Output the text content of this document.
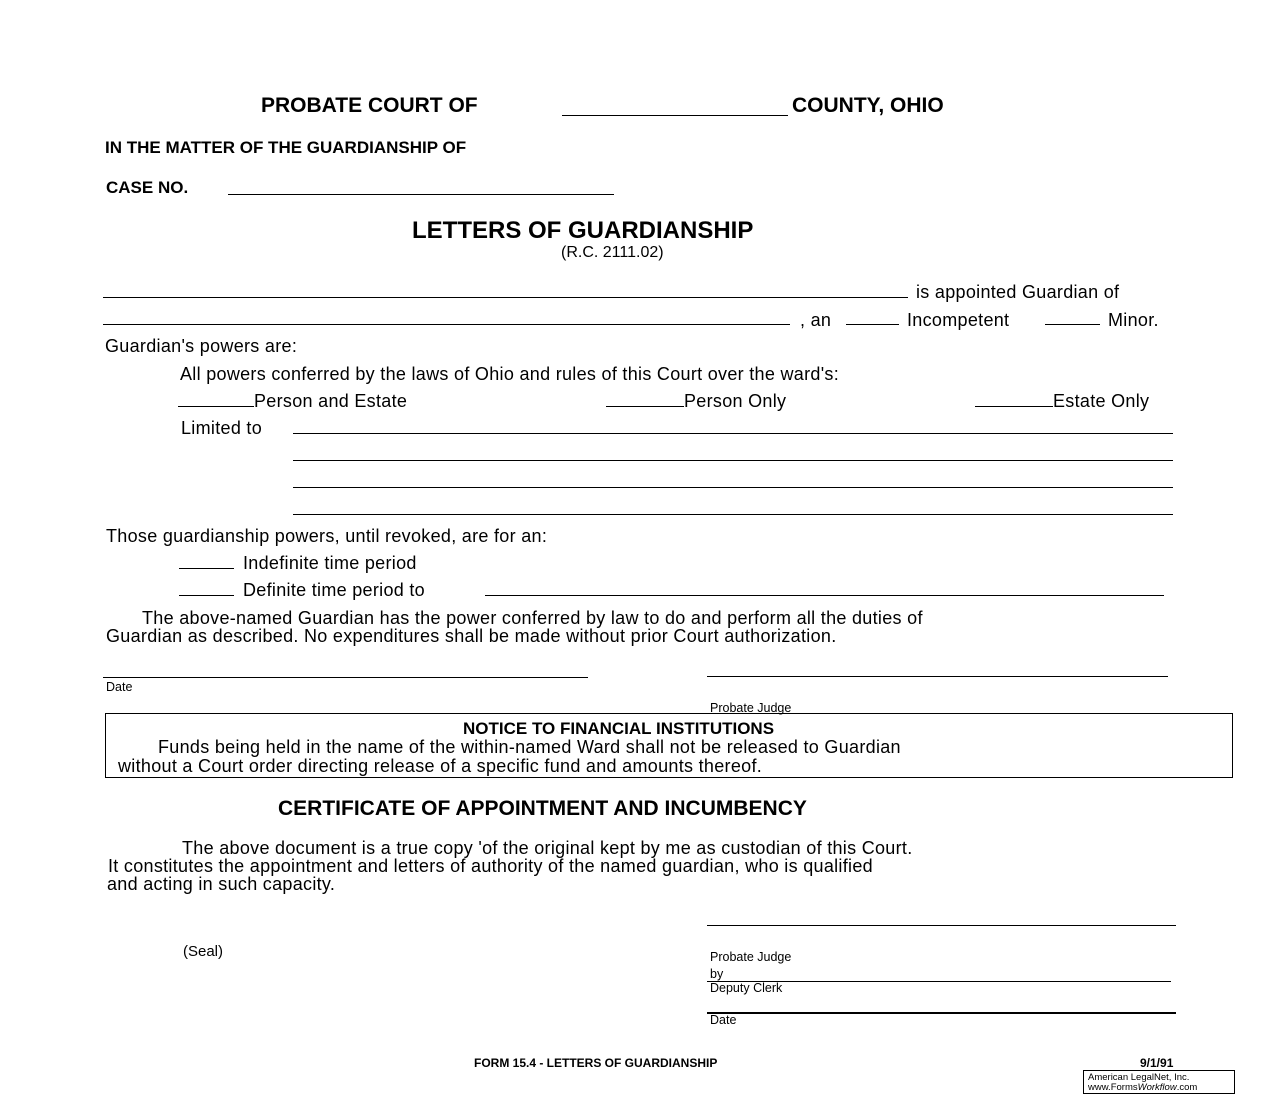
PROBATE COURT OF	COUNTY, OHIO
IN THE MATTER OF THE GUARDIANSHIP OF
CASE NO.
LETTERS OF GUARDIANSHIP
(R.C. 2111.02)
is appointed Guardian of
, an	Incompetent	Minor.
Guardian's powers are:
All powers conferred by the laws of Ohio and rules of this Court over the ward's:
Person and Estate	Person Only	Estate Only
Limited to
Those guardianship powers, until revoked, are for an:
Indefinite time period
Definite time period to
The above-named Guardian has the power conferred by law to do and perform all the duties of
Guardian as described. No expenditures shall be made without prior Court authorization.
Date
Probate Judge
NOTICE TO FINANCIAL INSTITUTIONS
Funds being held in the name of the within-named Ward shall not be released to Guardian
without a Court order directing release of a specific fund and amounts thereof.
CERTIFICATE OF APPOINTMENT AND INCUMBENCY
The above document is a true copy 'of the original kept by me as custodian of this Court.
It constitutes the appointment and letters of authority of the named guardian, who is qualified
and acting in such capacity.
(Seal)	Probate Judge
by
Deputy Clerk
Date
FORM 15.4 - LETTERS OF GUARDIANSHIP	9/1/91
American LegalNet, Inc.
www.FormsWorkflow.com
